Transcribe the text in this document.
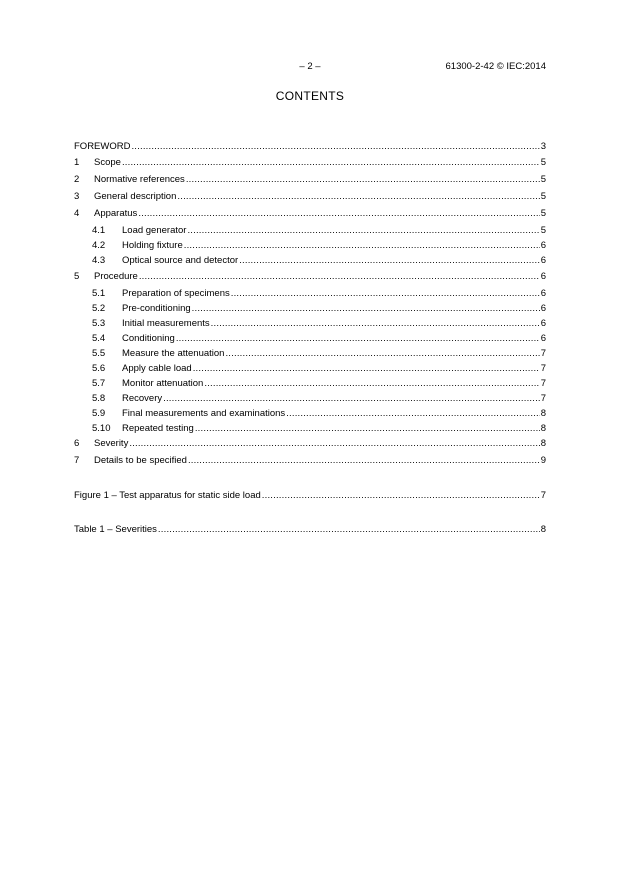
– 2 –	61300-2-42 © IEC:2014
CONTENTS
FOREWORD .....	3
1	Scope .....	5
2	Normative references .....	5
3	General description .....	5
4	Apparatus .....	5
4.1	Load generator .....	5
4.2	Holding fixture .....	6
4.3	Optical source and detector .....	6
5	Procedure .....	6
5.1	Preparation of specimens .....	6
5.2	Pre-conditioning .....	6
5.3	Initial measurements .....	6
5.4	Conditioning .....	6
5.5	Measure the attenuation .....	7
5.6	Apply cable load .....	7
5.7	Monitor attenuation .....	7
5.8	Recovery .....	7
5.9	Final measurements and examinations .....	8
5.10	Repeated testing .....	8
6	Severity .....	8
7	Details to be specified .....	9
Figure 1 – Test apparatus for static side load .....	7
Table 1 – Severities .....	8
